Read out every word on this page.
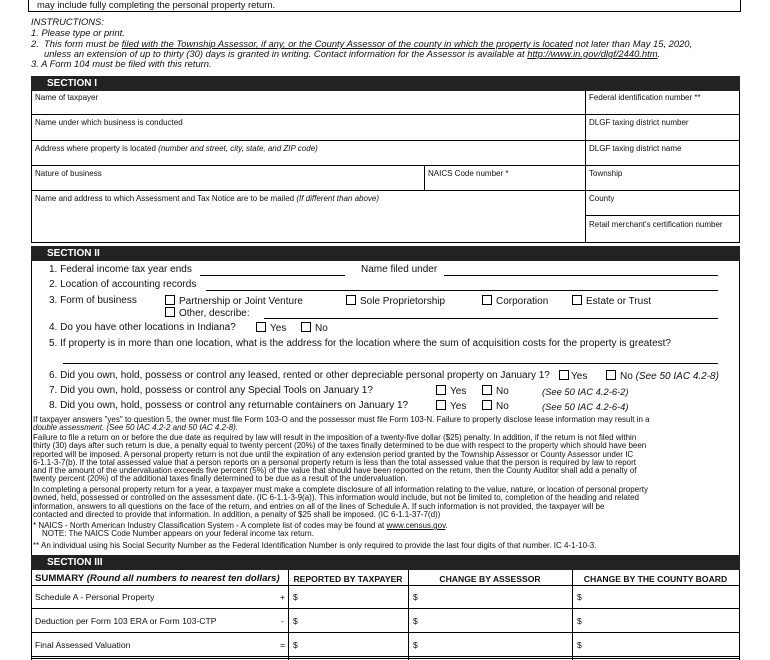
may include fully completing the personal property return.
INSTRUCTIONS:
1. Please type or print.
2. This form must be filed with the Township Assessor, if any, or the County Assessor of the county in which the property is located not later than May 15, 2020,
unless an extension of up to thirty (30) days is granted in writing. Contact information for the Assessor is available at http://www.in.gov/dlgf/2440.htm.
3. A Form 104 must be filed with this return.
SECTION I
Name of taxpayer	Federal identification number **
Name under which business is conducted	DLGF taxing district number
Address where property is located (number and street, city, state, and ZIP code)	DLGF taxing district name
Nature of business	NAICS Code number *	Township
Name and address to which Assessment and Tax Notice are to be mailed (If different than above)	County
Retail merchant's certification number
SECTION II
1. Federal income tax year ends	Name filed under
2. Location of accounting records
3. Form of business	Partnership or Joint Venture	Sole Proprietorship	Corporation	Estate or Trust
Other, describe:
4. Do you have other locations in Indiana?	Yes	No
5. If property is in more than one location, what is the address for the location where the sum of acquisition costs for the property is greatest?
6. Did you own, hold, possess or control any leased, rented or other depreciable personal property on January 1?	Yes	No (See 50 IAC 4.2-8)
7. Did you own, hold, possess or control any Special Tools on January 1?	Yes	No	(See 50 IAC 4.2-6-2)
8. Did you own, hold, possess or control any returnable containers on January 1?	Yes	No	(See 50 IAC 4.2-6-4)
If taxpayer answers "yes" to question 5, the owner must file Form 103-O and the possessor must file Form 103-N. Failure to properly disclose lease information may result in a
double assessment. (See 50 IAC 4.2-2 and 50 IAC 4.2-8).
Failure to file a return on or before the due date as required by law will result in the imposition of a twenty-five dollar ($25) penalty. In addition, if the return is not filed within
thirty (30) days after such return is due, a penalty equal to twenty percent (20%) of the taxes finally determined to be due with respect to the property which should have been
reported will be imposed. A personal property return is not due until the expiration of any extension period granted by the Township Assessor or County Assessor under IC
6-1.1-3-7(b). If the total assessed value that a person reports on a personal property return is less than the total assessed value that the person is required by law to report
and if the amount of the undervaluation exceeds five percent (5%) of the value that should have been reported on the return, then the County Auditor shall add a penalty of
twenty percent (20%) of the additional taxes finally determined to be due as a result of the undervaluation.
In completing a personal property return for a year, a taxpayer must make a complete disclosure of all information relating to the value, nature, or location of personal property
owned, held, possessed or controlled on the assessment date. (IC 6-1.1-3-9(a)). This information would include, but not be limited to, completion of the heading and related
information, answers to all questions on the face of the return, and entries on all of the lines of Schedule A. If such information is not provided, the taxpayer will be
contacted and directed to provide that information. In addition, a penalty of $25 shall be imposed. (IC 6-1.1-37-7(d))
* NAICS - North American Industry Classification System - A complete list of codes may be found at www.census.gov.
NOTE: The NAICS Code Number appears on your federal income tax return.
** An individual using his Social Security Number as the Federal Identification Number is only required to provide the last four digits of that number. IC 4-1-10-3.
SECTION III
SUMMARY (Round all numbers to nearest ten dollars)	REPORTED BY TAXPAYER	CHANGE BY ASSESSOR	CHANGE BY THE COUNTY BOARD
Schedule A - Personal Property	+ $	$	$
Deduction per Form 103 ERA or Form 103-CTP	- $	$	$
Final Assessed Valuation	= $	$	$
